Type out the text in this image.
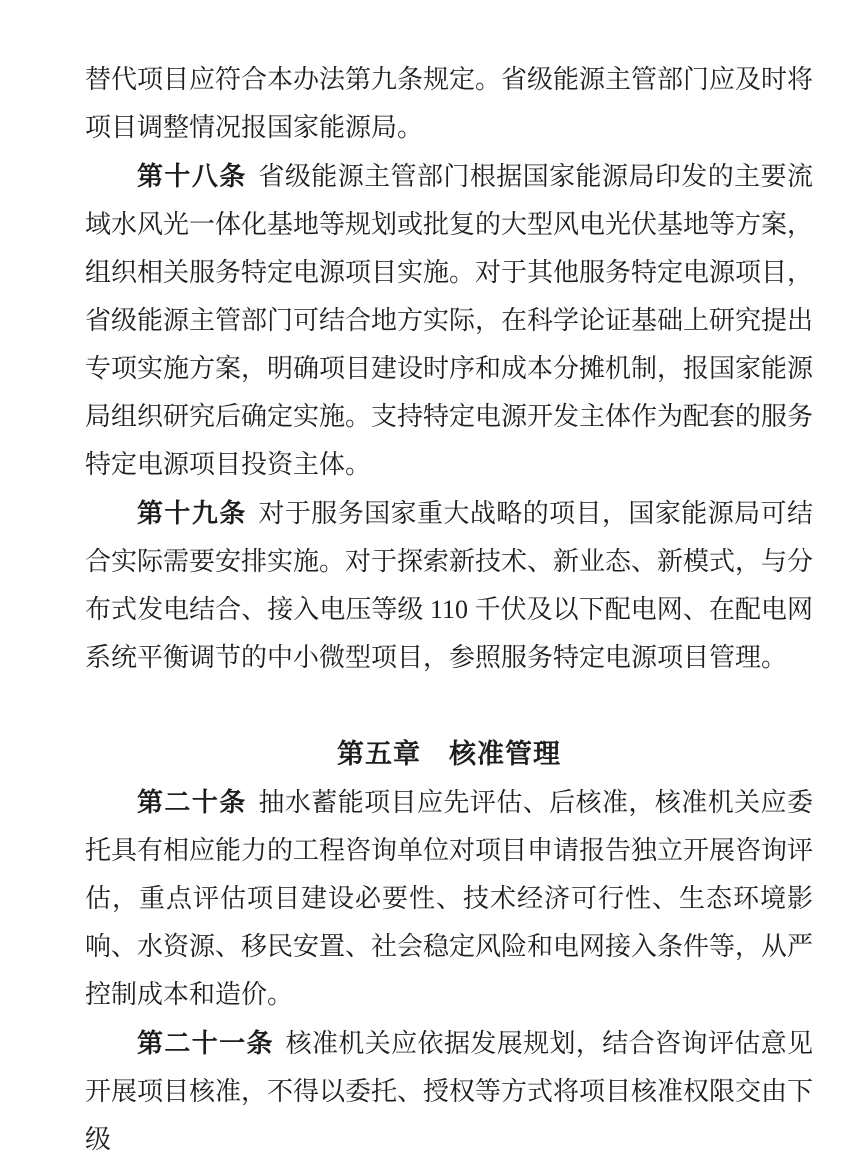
替代项目应符合本办法第九条规定。省级能源主管部门应及时将项目调整情况报国家能源局。

第十八条 省级能源主管部门根据国家能源局印发的主要流域水风光一体化基地等规划或批复的大型风电光伏基地等方案，组织相关服务特定电源项目实施。对于其他服务特定电源项目，省级能源主管部门可结合地方实际，在科学论证基础上研究提出专项实施方案，明确项目建设时序和成本分摊机制，报国家能源局组织研究后确定实施。支持特定电源开发主体作为配套的服务特定电源项目投资主体。

第十九条 对于服务国家重大战略的项目，国家能源局可结合实际需要安排实施。对于探索新技术、新业态、新模式，与分布式发电结合、接入电压等级 110 千伏及以下配电网、在配电网系统平衡调节的中小微型项目，参照服务特定电源项目管理。

第五章　核准管理

第二十条 抽水蓄能项目应先评估、后核准，核准机关应委托具有相应能力的工程咨询单位对项目申请报告独立开展咨询评估，重点评估项目建设必要性、技术经济可行性、生态环境影响、水资源、移民安置、社会稳定风险和电网接入条件等，从严控制成本和造价。

第二十一条 核准机关应依据发展规划，结合咨询评估意见开展项目核准，不得以委托、授权等方式将项目核准权限交由下级
